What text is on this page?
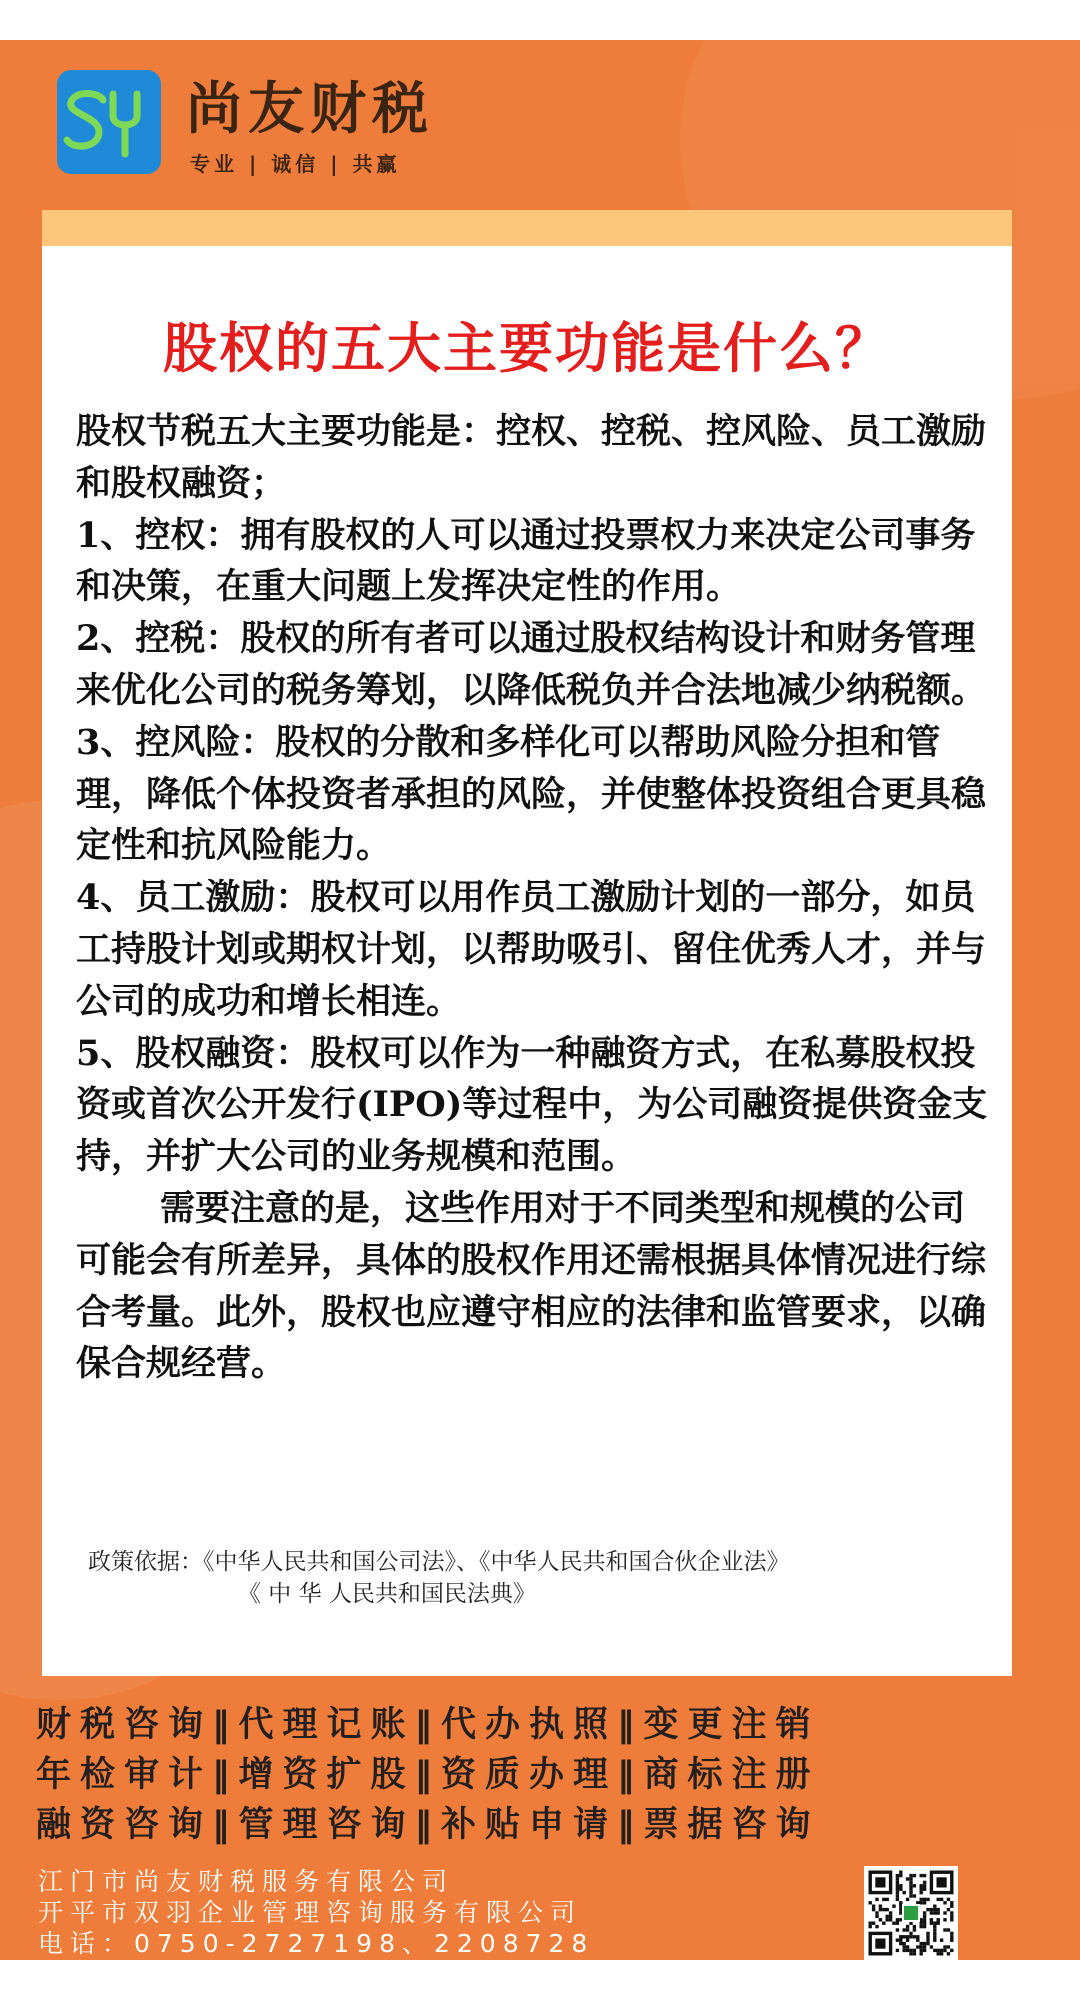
尚友财税
专业 | 诚信 | 共赢
股权的五大主要功能是什么？

股权节税五大主要功能是：控权、控税、控风险、员工激励和股权融资；

1、控权：拥有股权的人可以通过投票权力来决定公司事务和决策，在重大问题上发挥决定性的作用。

2、控税：股权的所有者可以通过股权结构设计和财务管理来优化公司的税务筹划，以降低税负并合法地减少纳税额。

3、控风险：股权的分散和多样化可以帮助风险分担和管理，降低个体投资者承担的风险，并使整体投资组合更具稳定性和抗风险能力。

4、员工激励：股权可以用作员工激励计划的一部分，如员工持股计划或期权计划，以帮助吸引、留住优秀人才，并与公司的成功和增长相连。

5、股权融资：股权可以作为一种融资方式，在私募股权投资或首次公开发行(IPO)等过程中，为公司融资提供资金支持，并扩大公司的业务规模和范围。

需要注意的是，这些作用对于不同类型和规模的公司可能会有所差异，具体的股权作用还需根据具体情况进行综合考量。此外，股权也应遵守相应的法律和监管要求，以确保合规经营。

政策依据：《中华人民共和国公司法》、《中华人民共和国合伙企业法》
《 中 华 人民共和国民法典》
财税咨询‖代理记账‖代办执照‖变更注销
年检审计‖增资扩股‖资质办理‖商标注册
融资咨询‖管理咨询‖补贴申请‖票据咨询
江门市尚友财税服务有限公司
开平市双羽企业管理咨询服务有限公司
电话：0750-2727198、2208728
